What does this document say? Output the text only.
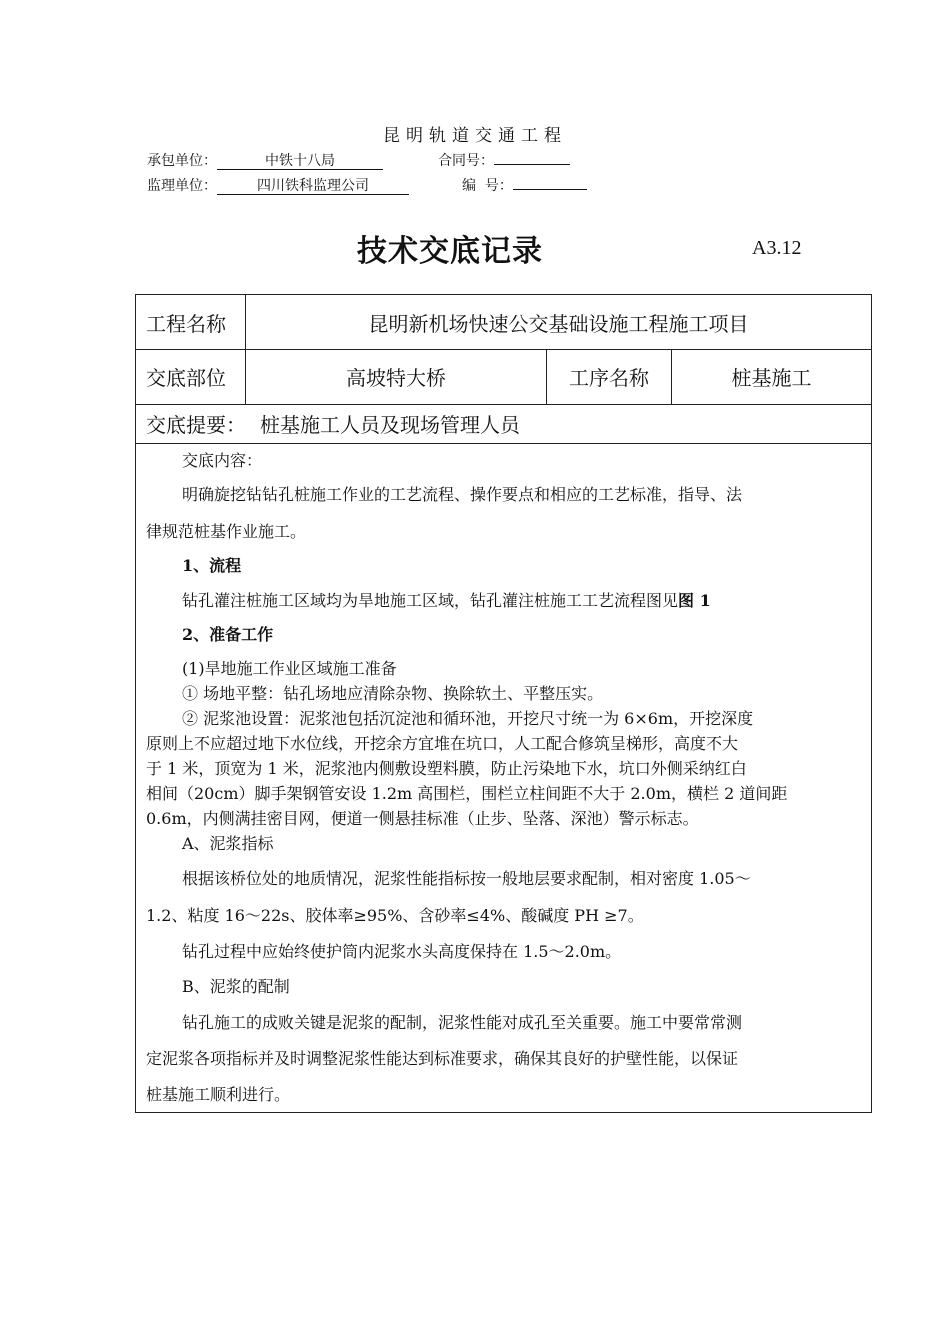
昆明轨道交通工程
承包单位：	中铁十八局	合同号：
监理单位：	四川铁科监理公司	编  号：
技术交底记录	A3.12
工程名称	昆明新机场快速公交基础设施工程施工项目
交底部位	高坡特大桥	工序名称	桩基施工
交底提要： 桩基施工人员及现场管理人员
交底内容：
明确旋挖钻钻孔桩施工作业的工艺流程、操作要点和相应的工艺标准，指导、法
律规范桩基作业施工。
1、流程
钻孔灌注桩施工区域均为旱地施工区域，钻孔灌注桩施工工艺流程图见图 1
2、准备工作
(1)旱地施工作业区域施工准备
① 场地平整：钻孔场地应清除杂物、换除软土、平整压实。
② 泥浆池设置：泥浆池包括沉淀池和循环池，开挖尺寸统一为 6×6m，开挖深度
原则上不应超过地下水位线，开挖余方宜堆在坑口，人工配合修筑呈梯形，高度不大
于 1 米，顶宽为 1 米，泥浆池内侧敷设塑料膜，防止污染地下水，坑口外侧采纳红白
相间（20cm）脚手架钢管安设 1.2m 高围栏，围栏立柱间距不大于 2.0m，横栏 2 道间距
0.6m，内侧满挂密目网，便道一侧悬挂标准（止步、坠落、深池）警示标志。
A、泥浆指标
根据该桥位处的地质情况，泥浆性能指标按一般地层要求配制，相对密度 1.05～
1.2、粘度 16～22s、胶体率≥95%、含砂率≤4%、酸碱度 PH ≥7。
钻孔过程中应始终使护筒内泥浆水头高度保持在 1.5～2.0m。
B、泥浆的配制
钻孔施工的成败关键是泥浆的配制，泥浆性能对成孔至关重要。施工中要常常测
定泥浆各项指标并及时调整泥浆性能达到标准要求，确保其良好的护壁性能，以保证
桩基施工顺利进行。
